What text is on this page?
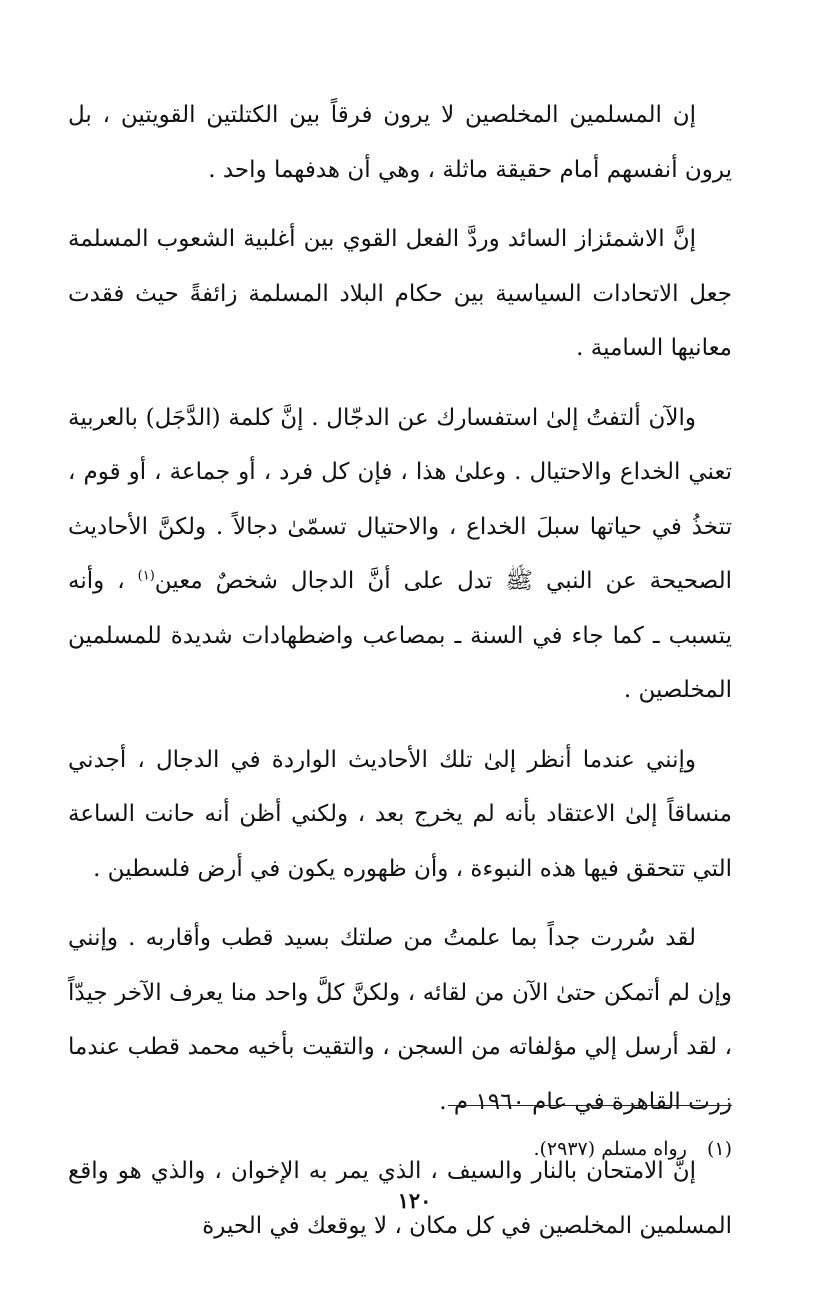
إن المسلمين المخلصين لا يرون فرقاً بين الكتلتين القويتين ، بل يرون أنفسهم أمام حقيقة ماثلة ، وهي أن هدفهما واحد .

إنَّ الاشمئزاز السائد وردَّ الفعل القوي بين أغلبية الشعوب المسلمة جعل الاتحادات السياسية بين حكام البلاد المسلمة زائفةً حيث فقدت معانيها السامية .

والآن ألتفتُ إلىٰ استفسارك عن الدجّال . إنَّ كلمة (الدَّجَل) بالعربية تعني الخداع والاحتيال . وعلىٰ هذا ، فإن كل فرد ، أو جماعة ، أو قوم ، تتخذُ في حياتها سبلَ الخداع ، والاحتيال تسمّىٰ دجالاً . ولكنَّ الأحاديث الصحيحة عن النبي ﷺ تدل على أنَّ الدجال شخصٌ معين$^{(١)}$ ، وأنه يتسبب ـ كما جاء في السنة ـ بمصاعب واضطهادات شديدة للمسلمين المخلصين .

وإنني عندما أنظر إلىٰ تلك الأحاديث الواردة في الدجال ، أجدني منساقاً إلىٰ الاعتقاد بأنه لم يخرج بعد ، ولكني أظن أنه حانت الساعة التي تتحقق فيها هذه النبوءة ، وأن ظهوره يكون في أرض فلسطين .

لقد سُررت جداً بما علمتُ من صلتك بسيد قطب وأقاربه . وإنني وإن لم أتمكن حتىٰ الآن من لقائه ، ولكنَّ كلَّ واحد منا يعرف الآخر جيدّاً ، لقد أرسل إلي مؤلفاته من السجن ، والتقيت بأخيه محمد قطب عندما زرت القاهرة في عام ١٩٦٠ م .

إنَّ الامتحان بالنار والسيف ، الذي يمر به الإخوان ، والذي هو واقع المسلمين المخلصين في كل مكان ، لا يوقعك في الحيرة

(١) رواه مسلم (٢٩٣٧).
١٢٠
